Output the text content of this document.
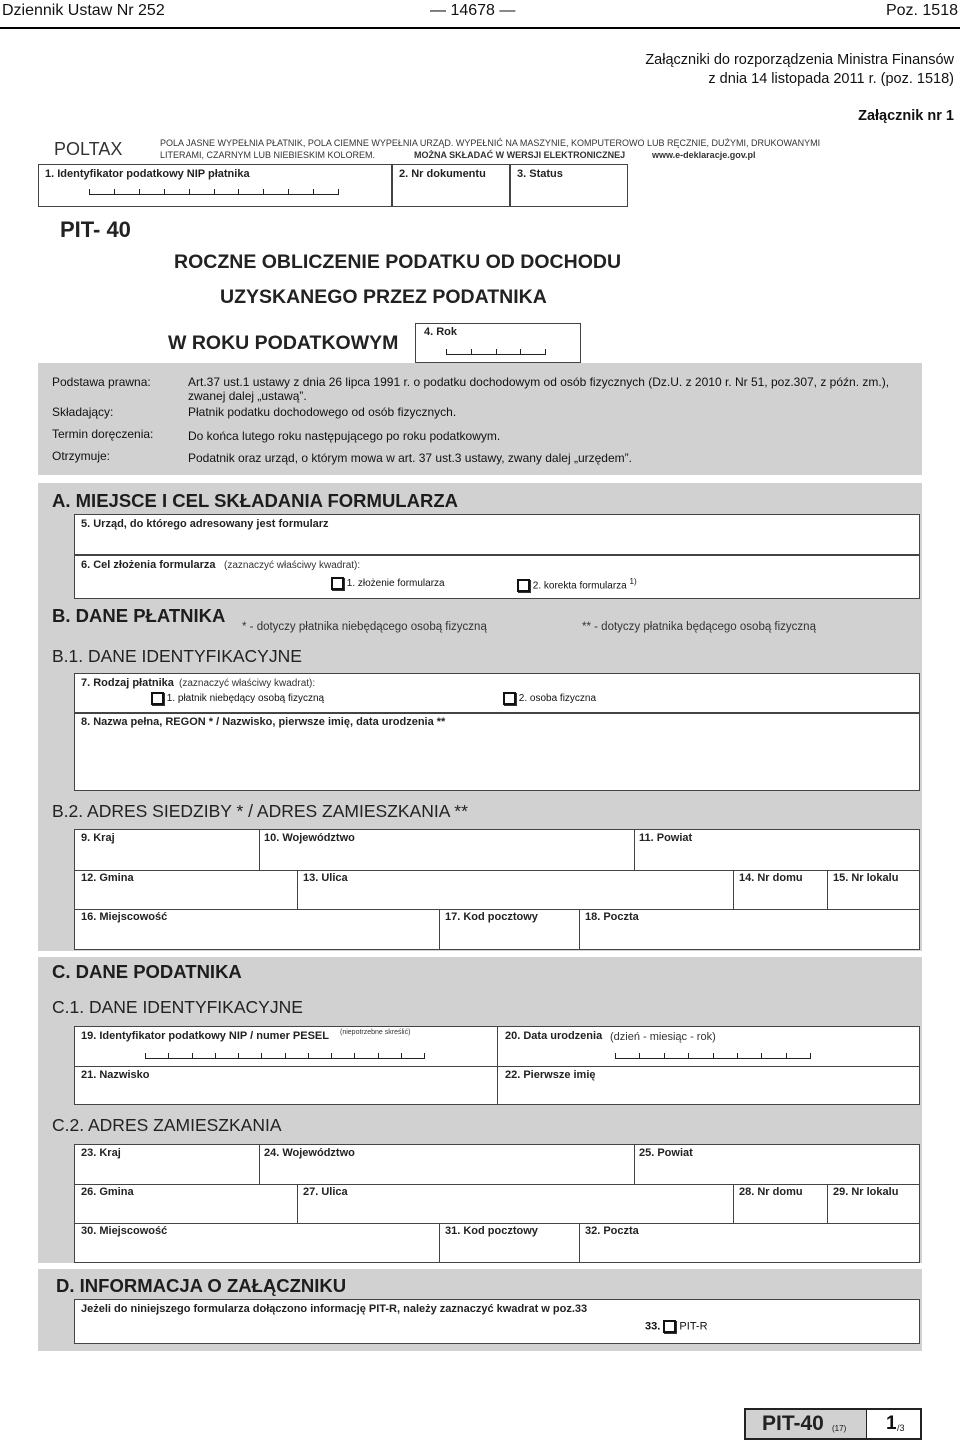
Dziennik Ustaw Nr 252	— 14678 —	Poz. 1518
Załączniki do rozporządzenia Ministra Finansów
z dnia 14 listopada 2011 r. (poz. 1518)
Załącznik nr 1
POLTAX	POLA JASNE WYPEŁNIA PŁATNIK, POLA CIEMNE WYPEŁNIA URZĄD. WYPEŁNIĆ NA MASZYNIE, KOMPUTEROWO LUB RĘCZNIE, DUŻYMI, DRUKOWANYMI
LITERAMI, CZARNYM LUB NIEBIESKIM KOLOREM.	MOŻNA SKŁADAĆ W WERSJI ELEKTRONICZNEJ	www.e-deklaracje.gov.pl
1. Identyfikator podatkowy NIP płatnika	2. Nr dokumentu	3. Status
PIT- 40
ROCZNE OBLICZENIE PODATKU OD DOCHODU
UZYSKANEGO PRZEZ PODATNIKA
W ROKU PODATKOWYM 4. Rok
Podstawa prawna:	Art.37 ust.1 ustawy z dnia 26 lipca 1991 r. o podatku dochodowym od osób fizycznych (Dz.U. z 2010 r. Nr 51, poz.307, z późn. zm.),
zwanej dalej „ustawą”.
Składający:	Płatnik podatku dochodowego od osób fizycznych.
Termin doręczenia:	Do końca lutego roku następującego po roku podatkowym.
Otrzymuje:	Podatnik oraz urząd, o którym mowa w art. 37 ust.3 ustawy, zwany dalej „urzędem”.
A. MIEJSCE I CEL SKŁADANIA FORMULARZA
5. Urząd, do którego adresowany jest formularz
6. Cel złożenia formularza (zaznaczyć właściwy kwadrat):
1. złożenie formularza	2. korekta formularza $^{1)}$
B. DANE PŁATNIKA
* - dotyczy płatnika niebędącego osobą fizyczną	** - dotyczy płatnika będącego osobą fizyczną
B.1. DANE IDENTYFIKACYJNE
7. Rodzaj płatnika (zaznaczyć właściwy kwadrat):
1. płatnik niebędący osobą fizyczną	2. osoba fizyczna
8. Nazwa pełna, REGON * / Nazwisko, pierwsze imię, data urodzenia **
B.2. ADRES SIEDZIBY * / ADRES ZAMIESZKANIA **
9. Kraj	10. Województwo	11. Powiat
12. Gmina	13. Ulica	14. Nr domu	15. Nr lokalu
16. Miejscowość	17. Kod pocztowy	18. Poczta
C. DANE PODATNIKA
C.1. DANE IDENTYFIKACYJNE
19. Identyfikator podatkowy NIP / numer PESEL (niepotrzebne skreślić)	20. Data urodzenia (dzień - miesiąc - rok)
21. Nazwisko	22. Pierwsze imię
C.2. ADRES ZAMIESZKANIA
23. Kraj	24. Województwo	25. Powiat
26. Gmina	27. Ulica	28. Nr domu	29. Nr lokalu
30. Miejscowość	31. Kod pocztowy	32. Poczta
D. INFORMACJA O ZAŁĄCZNIKU
Jeżeli do niniejszego formularza dołączono informację PIT-R, należy zaznaczyć kwadrat w poz.33
33. PIT-R
PIT-40 (17) 1 /3
